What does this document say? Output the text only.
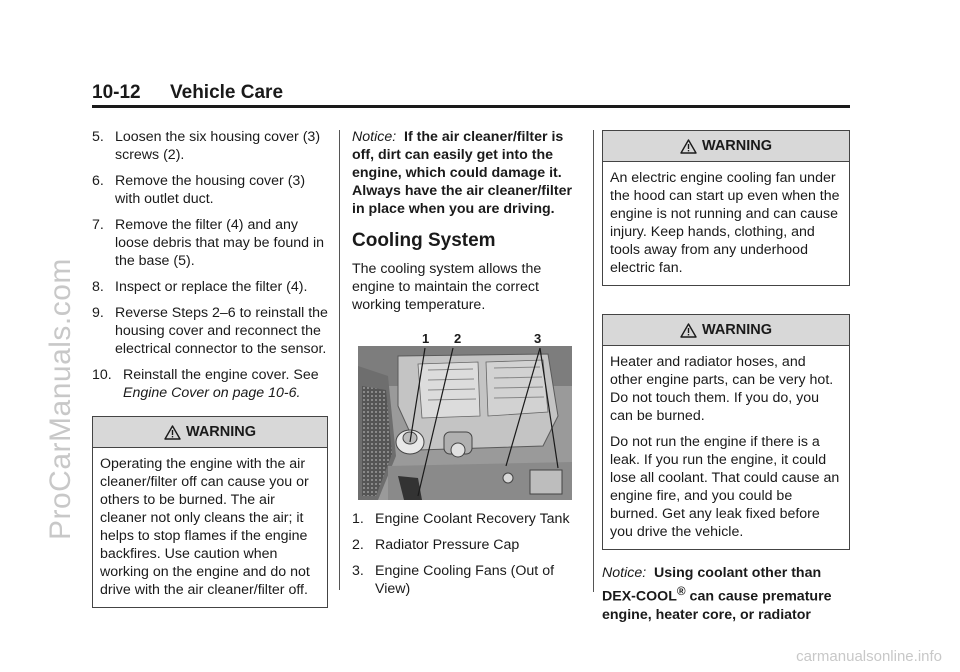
10-12 Vehicle Care
ProCarManuals.com
carmanualsonline.info
5. Loosen the six housing cover (3) screws (2).
6. Remove the housing cover (3) with outlet duct.
7. Remove the filter (4) and any loose debris that may be found in the base (5).
8. Inspect or replace the filter (4).
9. Reverse Steps 2–6 to reinstall the housing cover and reconnect the electrical connector to the sensor.
10. Reinstall the engine cover. See
Engine Cover on page 10-6.
WARNING

Operating the engine with the air cleaner/filter off can cause you or others to be burned. The air cleaner not only cleans the air; it helps to stop flames if the engine backfires. Use caution when working on the engine and do not drive with the air cleaner/filter off.

Notice: If the air cleaner/filter is off, dirt can easily get into the engine, which could damage it. Always have the air cleaner/filter in place when you are driving.

Cooling System

The cooling system allows the engine to maintain the correct working temperature.

1 2	3
1. Engine Coolant Recovery Tank
2. Radiator Pressure Cap
3. Engine Cooling Fans (Out of View)
WARNING

An electric engine cooling fan under the hood can start up even when the engine is not running and can cause injury. Keep hands, clothing, and tools away from any underhood electric fan.

WARNING

Heater and radiator hoses, and other engine parts, can be very hot. Do not touch them. If you do, you can be burned.

Do not run the engine if there is a leak. If you run the engine, it could lose all coolant. That could cause an engine fire, and you could be burned. Get any leak fixed before you drive the vehicle.

Notice: Using coolant other than DEX-COOL® can cause premature engine, heater core, or radiator
